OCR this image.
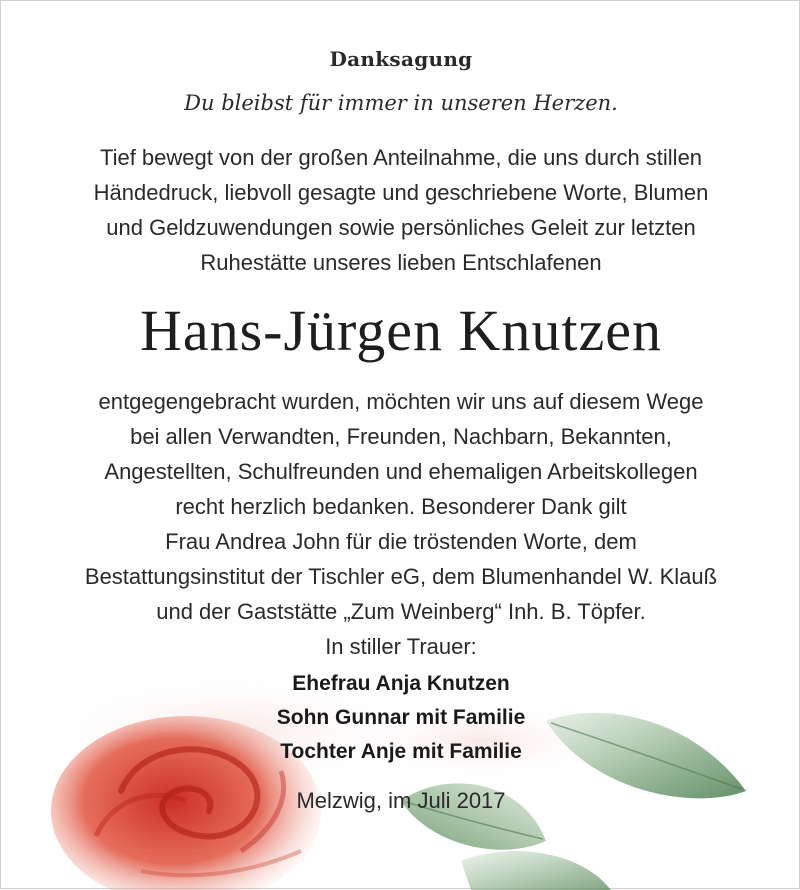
Danksagung
Du bleibst für immer in unseren Herzen.

Tief bewegt von der großen Anteilnahme, die uns durch stillen

Händedruck, liebvoll gesagte und geschriebene Worte, Blumen

und Geldzuwendungen sowie persönliches Geleit zur letzten

Ruhestätte unseres lieben Entschlafenen

Hans-Jürgen Knutzen

entgegengebracht wurden, möchten wir uns auf diesem Wege

bei allen Verwandten, Freunden, Nachbarn, Bekannten,

Angestellten, Schulfreunden und ehemaligen Arbeitskollegen

recht herzlich bedanken. Besonderer Dank gilt

Frau Andrea John für die tröstenden Worte, dem

Bestattungsinstitut der Tischler eG, dem Blumenhandel W. Klauß

und der Gaststätte „Zum Weinberg“ Inh. B. Töpfer.

In stiller Trauer:
Ehefrau Anja Knutzen
Sohn Gunnar mit Familie
Tochter Anje mit Familie
Melzwig, im Juli 2017
